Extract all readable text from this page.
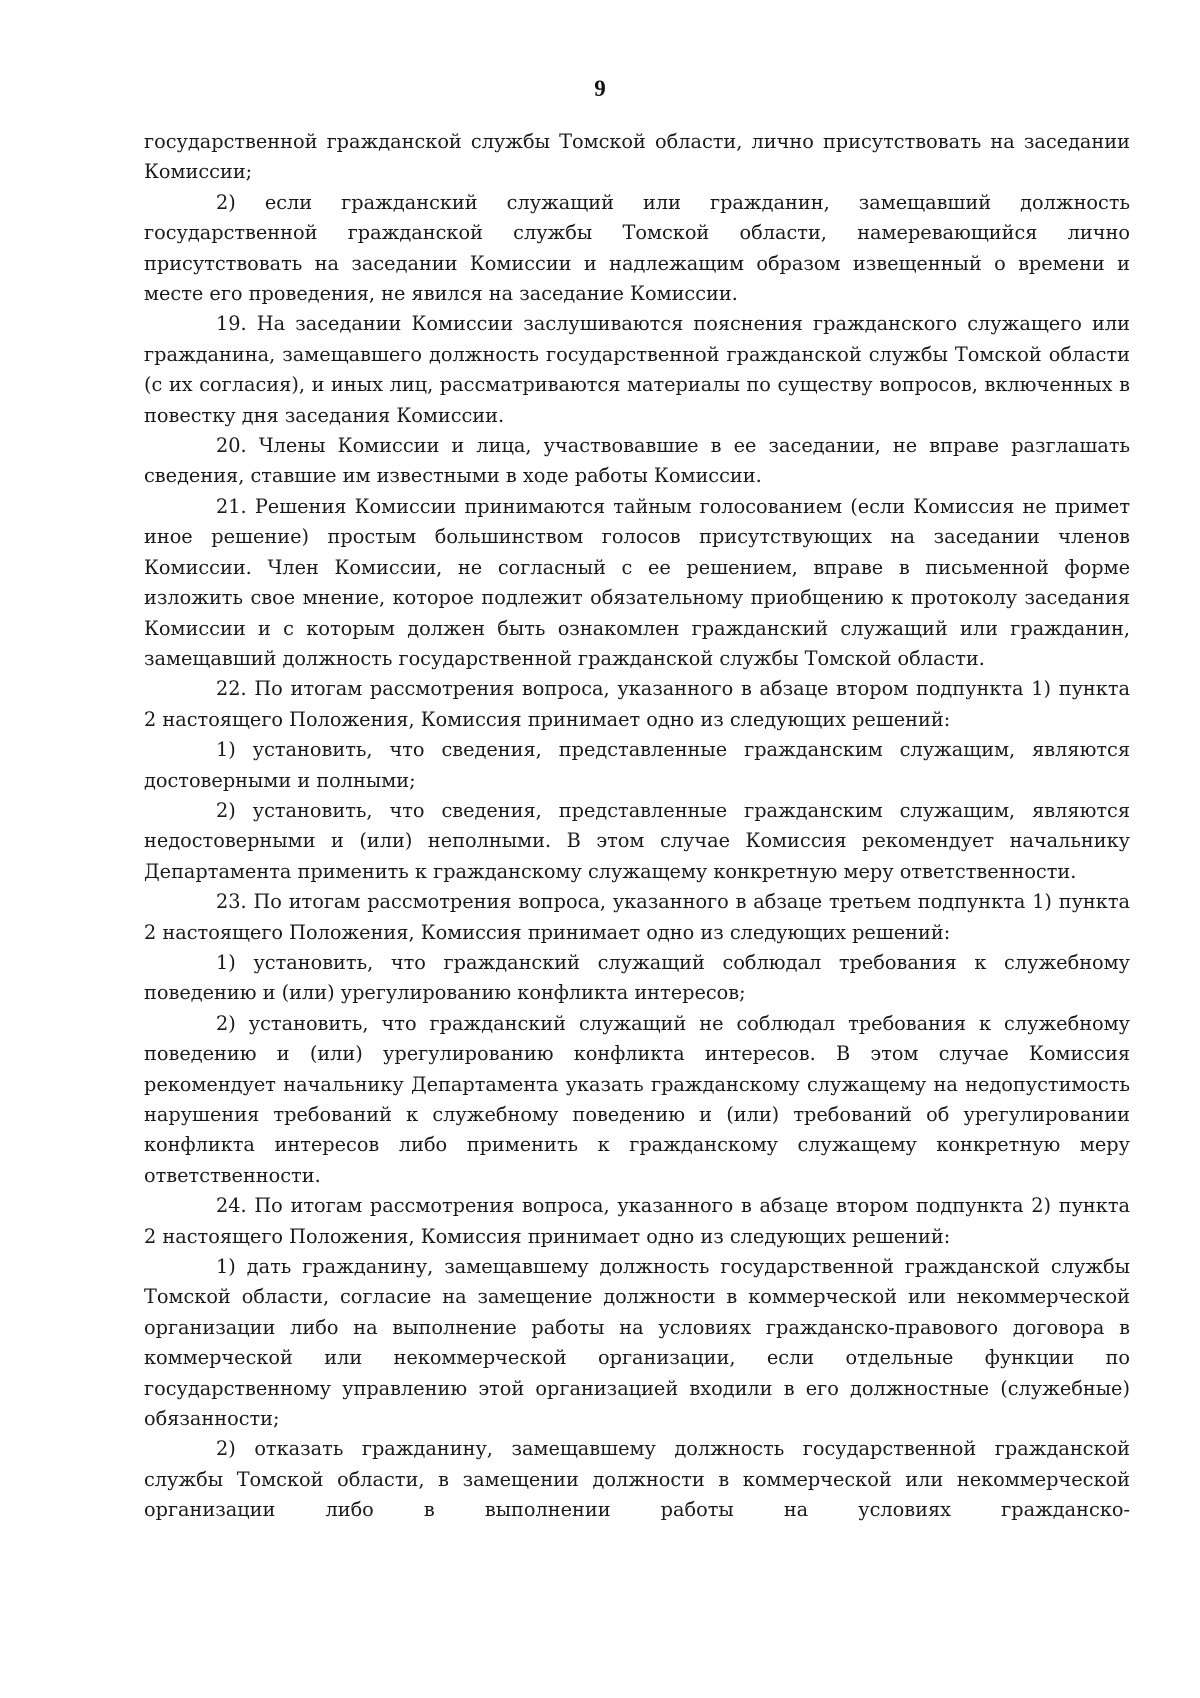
9

государственной гражданской службы Томской области, лично присутствовать на заседании Комиссии;

2) если гражданский служащий или гражданин, замещавший должность государственной гражданской службы Томской области, намеревающийся лично присутствовать на заседании Комиссии и надлежащим образом извещенный о времени и месте его проведения, не явился на заседание Комиссии.

19. На заседании Комиссии заслушиваются пояснения гражданского служащего или гражданина, замещавшего должность государственной гражданской службы Томской области (с их согласия), и иных лиц, рассматриваются материалы по существу вопросов, включенных в повестку дня заседания Комиссии.

20. Члены Комиссии и лица, участвовавшие в ее заседании, не вправе разглашать сведения, ставшие им известными в ходе работы Комиссии.

21. Решения Комиссии принимаются тайным голосованием (если Комиссия не примет иное решение) простым большинством голосов присутствующих на заседании членов Комиссии. Член Комиссии, не согласный с ее решением, вправе в письменной форме изложить свое мнение, которое подлежит обязательному приобщению к протоколу заседания Комиссии и с которым должен быть ознакомлен гражданский служащий или гражданин, замещавший должность государственной гражданской службы Томской области.

22. По итогам рассмотрения вопроса, указанного в абзаце втором подпункта 1) пункта 2 настоящего Положения, Комиссия принимает одно из следующих решений:

1) установить, что сведения, представленные гражданским служащим, являются достоверными и полными;

2) установить, что сведения, представленные гражданским служащим, являются недостоверными и (или) неполными. В этом случае Комиссия рекомендует начальнику Департамента применить к гражданскому служащему конкретную меру ответственности.

23. По итогам рассмотрения вопроса, указанного в абзаце третьем подпункта 1) пункта 2 настоящего Положения, Комиссия принимает одно из следующих решений:

1) установить, что гражданский служащий соблюдал требования к служебному поведению и (или) урегулированию конфликта интересов;

2) установить, что гражданский служащий не соблюдал требования к служебному поведению и (или) урегулированию конфликта интересов. В этом случае Комиссия рекомендует начальнику Департамента указать гражданскому служащему на недопустимость нарушения требований к служебному поведению и (или) требований об урегулировании конфликта интересов либо применить к гражданскому служащему конкретную меру ответственности.

24. По итогам рассмотрения вопроса, указанного в абзаце втором подпункта 2) пункта 2 настоящего Положения, Комиссия принимает одно из следующих решений:

1) дать гражданину, замещавшему должность государственной гражданской службы Томской области, согласие на замещение должности в коммерческой или некоммерческой организации либо на выполнение работы на условиях гражданско-правового договора в коммерческой или некоммерческой организации, если отдельные функции по государственному управлению этой организацией входили в его должностные (служебные) обязанности;

2) отказать гражданину, замещавшему должность государственной гражданской службы Томской области, в замещении должности в коммерческой или некоммерческой организации либо в выполнении работы на условиях гражданско-
